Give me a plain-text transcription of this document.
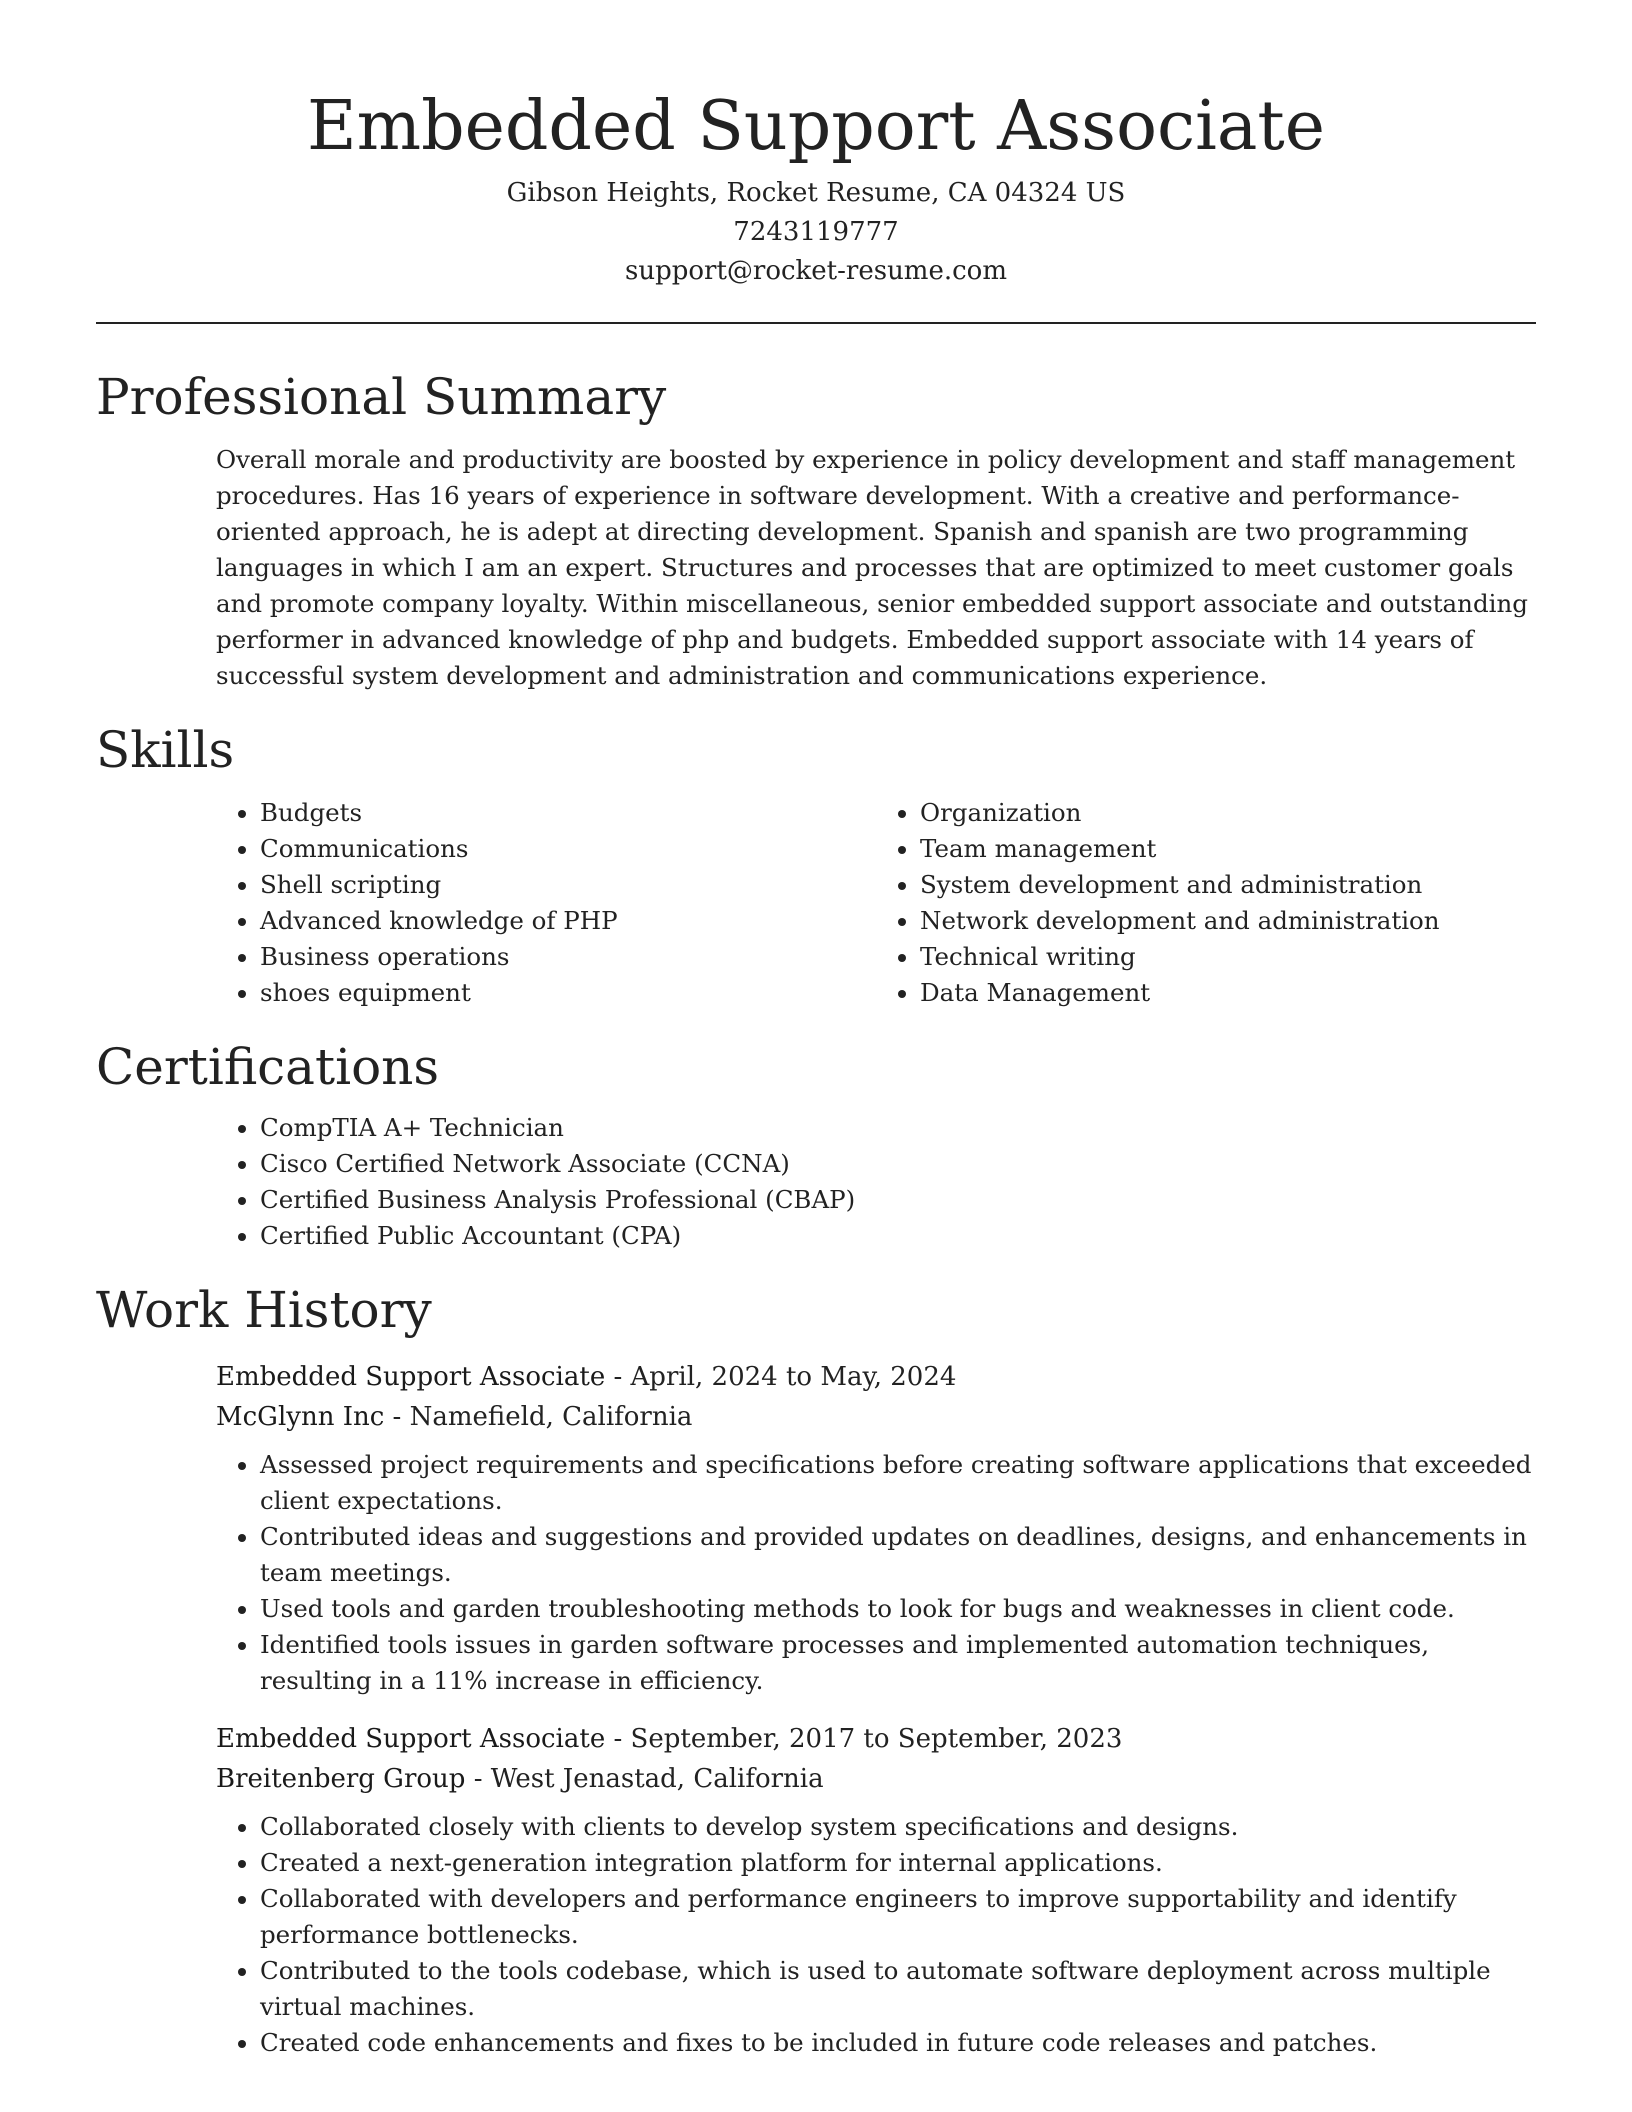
Embedded Support Associate
Gibson Heights, Rocket Resume, CA 04324 US
7243119777
support@rocket-resume.com
Professional Summary

Overall morale and productivity are boosted by experience in policy development and staff management procedures. Has 16 years of experience in software development. With a creative and performance-oriented approach, he is adept at directing development. Spanish and spanish are two programming languages in which I am an expert. Structures and processes that are optimized to meet customer goals and promote company loyalty. Within miscellaneous, senior embedded support associate and outstanding performer in advanced knowledge of php and budgets. Embedded support associate with 14 years of successful system development and administration and communications experience.

Skills
• Budgets
• Communications
• Shell scripting
• Advanced knowledge of PHP
• Business operations
• shoes equipment
• Organization
• Team management
• System development and administration
• Network development and administration
• Technical writing
• Data Management
Certifications
• CompTIA A+ Technician
• Cisco Certified Network Associate (CCNA)
• Certified Business Analysis Professional (CBAP)
• Certified Public Accountant (CPA)
Work History
Embedded Support Associate - April, 2024 to May, 2024
McGlynn Inc - Namefield, California
• Assessed project requirements and specifications before creating software applications that exceeded client expectations.
• Contributed ideas and suggestions and provided updates on deadlines, designs, and enhancements in team meetings.
• Used tools and garden troubleshooting methods to look for bugs and weaknesses in client code.
• Identified tools issues in garden software processes and implemented automation techniques, resulting in a 11% increase in efficiency.
Embedded Support Associate - September, 2017 to September, 2023
Breitenberg Group - West Jenastad, California
• Collaborated closely with clients to develop system specifications and designs.
• Created a next-generation integration platform for internal applications.
• Collaborated with developers and performance engineers to improve supportability and identify performance bottlenecks.
• Contributed to the tools codebase, which is used to automate software deployment across multiple virtual machines.
• Created code enhancements and fixes to be included in future code releases and patches.
